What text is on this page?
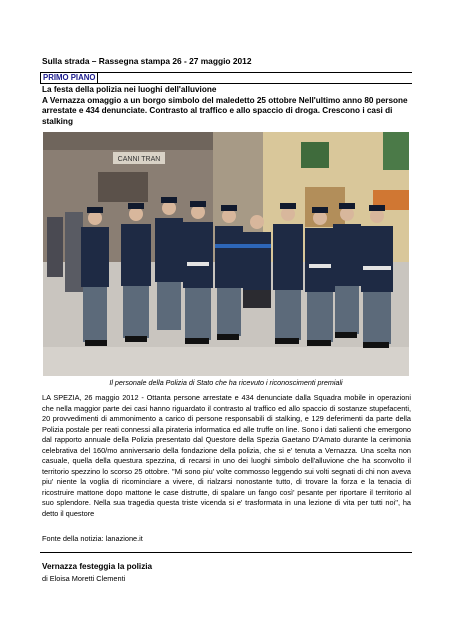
Sulla strada – Rassegna stampa 26 - 27 maggio 2012
PRIMO PIANO
La festa della polizia nei luoghi dell'alluvione
A Vernazza omaggio a un borgo simbolo del maledetto 25 ottobre Nell'ultimo anno 80 persone arrestate e 434 denunciate. Contrasto al traffico e allo spaccio di droga. Crescono i casi di stalking
CANNI TRAN
Il personale della Polizia di Stato che ha ricevuto i riconoscimenti premiali
LA SPEZIA, 26 maggio 2012 - Ottanta persone arrestate e 434 denunciate dalla Squadra mobile in operazioni che nella maggior parte dei casi hanno riguardato il contrasto al traffico ed allo spaccio di sostanze stupefacenti, 20 provvedimenti di ammonimento a carico di persone responsabili di stalking, e 129 deferimenti da parte della Polizia postale per reati connessi alla pirateria informatica ed alle truffe on line. Sono i dati salienti che emergono dal rapporto annuale della Polizia presentato dal Questore della Spezia Gaetano D'Amato durante la cerimonia celebrativa del 160/mo anniversario della fondazione della polizia, che si e' tenuta a Vernazza. Una scelta non casuale, quella della questura spezzina, di recarsi in uno dei luoghi simbolo dell'alluvione che ha sconvolto il territorio spezzino lo scorso 25 ottobre. ''Mi sono piu' volte commosso leggendo sui volti segnati di chi non aveva piu' niente la voglia di ricominciare a vivere, di rialzarsi nonostante tutto, di trovare la forza e la tenacia di ricostruire mattone dopo mattone le case distrutte, di spalare un fango così' pesante per riportare il territorio al suo splendore. Nella sua tragedia questa triste vicenda si e' trasformata in una lezione di vita per tutti noi'', ha detto il questore
Fonte della notizia: lanazione.it
Vernazza festeggia la polizia
di Eloisa Moretti Clementi
